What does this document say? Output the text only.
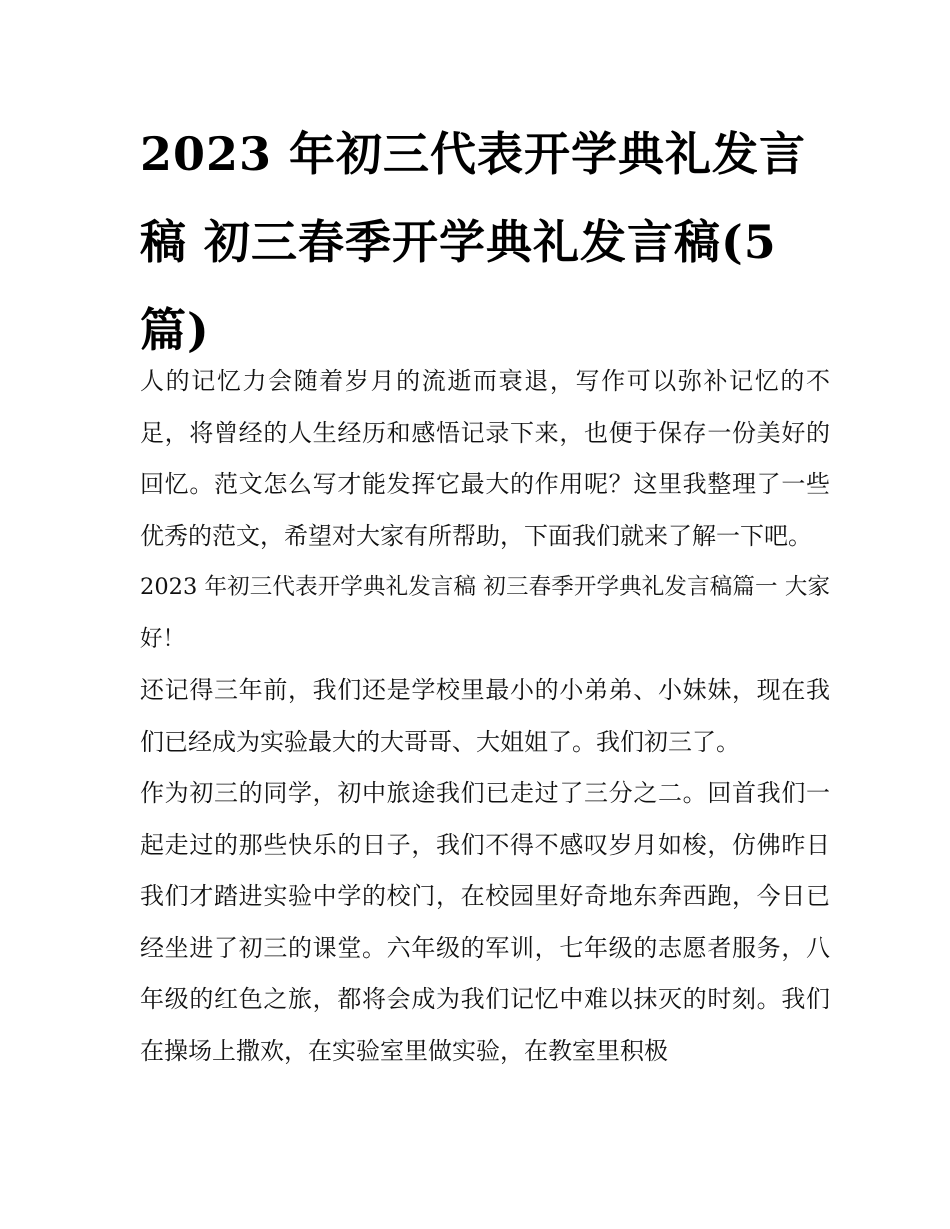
2023 年初三代表开学典礼发言稿 初三春季开学典礼发言稿(5 篇)

人的记忆力会随着岁月的流逝而衰退，写作可以弥补记忆的不足，将曾经的人生经历和感悟记录下来，也便于保存一份美好的回忆。范文怎么写才能发挥它最大的作用呢？这里我整理了一些优秀的范文，希望对大家有所帮助，下面我们就来了解一下吧。

2023 年初三代表开学典礼发言稿 初三春季开学典礼发言稿篇一 大家好！

还记得三年前，我们还是学校里最小的小弟弟、小妹妹，现在我们已经成为实验最大的大哥哥、大姐姐了。我们初三了。

作为初三的同学，初中旅途我们已走过了三分之二。回首我们一起走过的那些快乐的日子，我们不得不感叹岁月如梭，仿佛昨日我们才踏进实验中学的校门，在校园里好奇地东奔西跑，今日已经坐进了初三的课堂。六年级的军训，七年级的志愿者服务，八年级的红色之旅，都将会成为我们记忆中难以抹灭的时刻。我们在操场上撒欢，在实验室里做实验，在教室里积极
